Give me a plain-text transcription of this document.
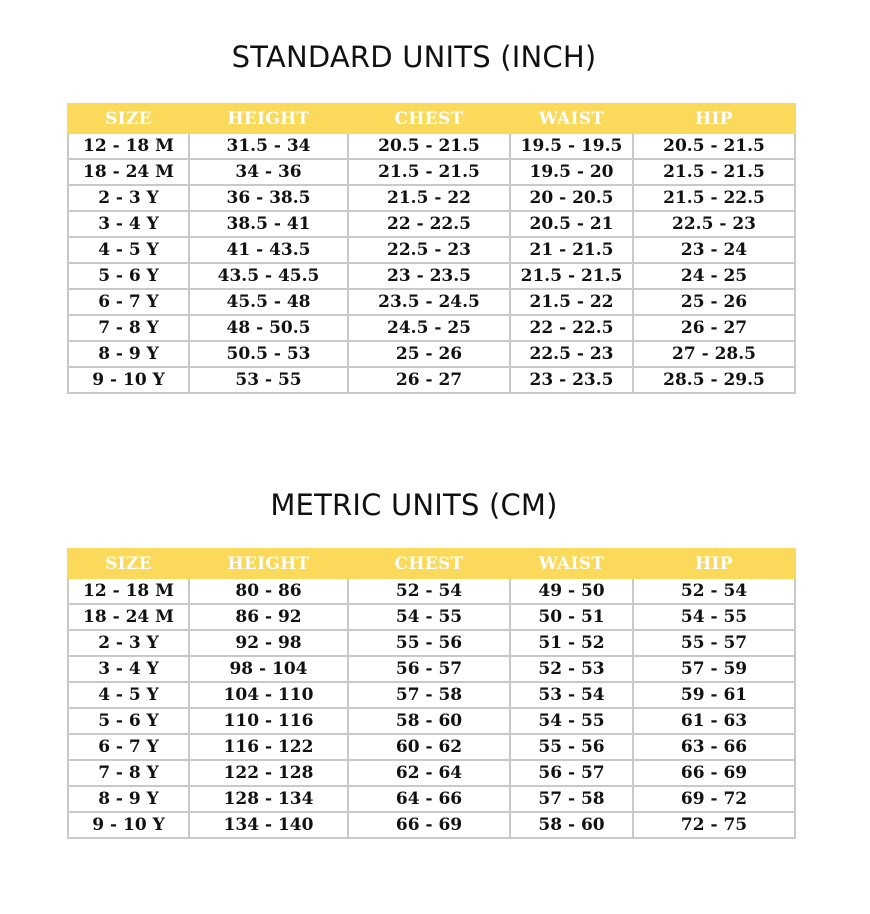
STANDARD UNITS (INCH)
SIZE	HEIGHT	CHEST	WAIST	HIP
12 - 18 M	31.5 - 34	20.5 - 21.5	19.5 - 19.5	20.5 - 21.5
18 - 24 M	34 - 36	21.5 - 21.5	19.5 - 20	21.5 - 21.5
2 - 3 Y	36 - 38.5	21.5 - 22	20 - 20.5	21.5 - 22.5
3 - 4 Y	38.5 - 41	22 - 22.5	20.5 - 21	22.5 - 23
4 - 5 Y	41 - 43.5	22.5 - 23	21 - 21.5	23 - 24
5 - 6 Y	43.5 - 45.5	23 - 23.5	21.5 - 21.5	24 - 25
6 - 7 Y	45.5 - 48	23.5 - 24.5	21.5 - 22	25 - 26
7 - 8 Y	48 - 50.5	24.5 - 25	22 - 22.5	26 - 27
8 - 9 Y	50.5 - 53	25 - 26	22.5 - 23	27 - 28.5
9 - 10 Y	53 - 55	26 - 27	23 - 23.5	28.5 - 29.5
METRIC UNITS (CM)
SIZE	HEIGHT	CHEST	WAIST	HIP
12 - 18 M	80 - 86	52 - 54	49 - 50	52 - 54
18 - 24 M	86 - 92	54 - 55	50 - 51	54 - 55
2 - 3 Y	92 - 98	55 - 56	51 - 52	55 - 57
3 - 4 Y	98 - 104	56 - 57	52 - 53	57 - 59
4 - 5 Y	104 - 110	57 - 58	53 - 54	59 - 61
5 - 6 Y	110 - 116	58 - 60	54 - 55	61 - 63
6 - 7 Y	116 - 122	60 - 62	55 - 56	63 - 66
7 - 8 Y	122 - 128	62 - 64	56 - 57	66 - 69
8 - 9 Y	128 - 134	64 - 66	57 - 58	69 - 72
9 - 10 Y	134 - 140	66 - 69	58 - 60	72 - 75
